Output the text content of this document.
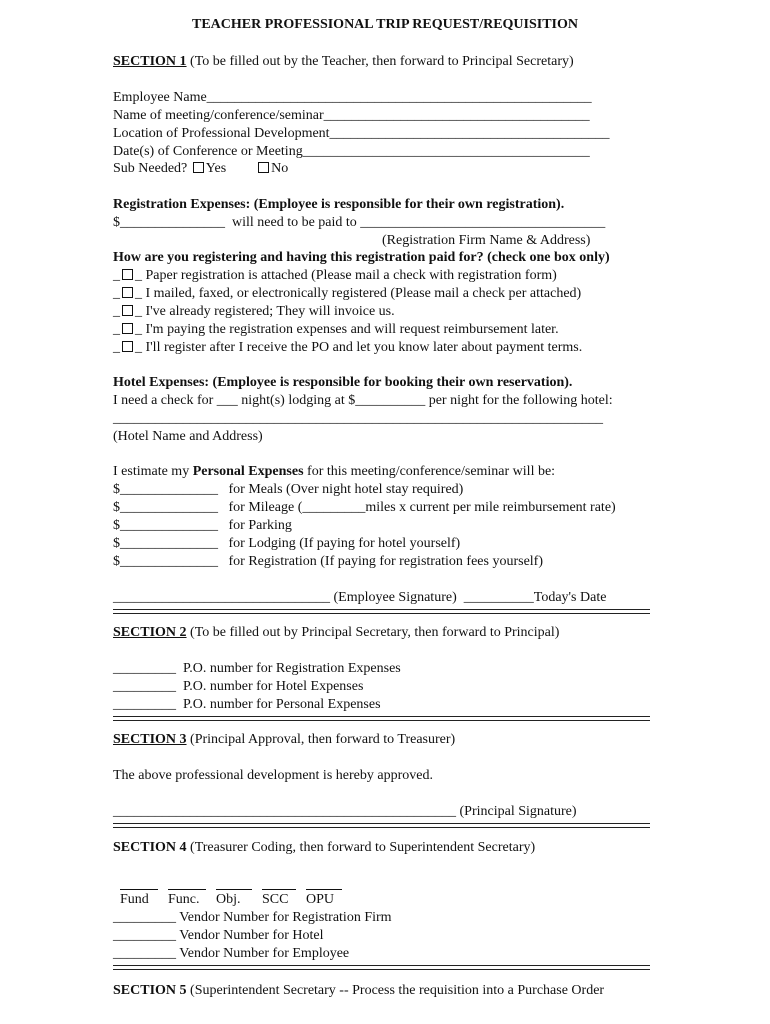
TEACHER PROFESSIONAL TRIP REQUEST/REQUISITION
SECTION 1 (To be filled out by the Teacher, then forward to Principal Secretary)
Employee Name_______________________________________________________
Name of meeting/conference/seminar______________________________________
Location of Professional Development________________________________________
Date(s) of Conference or Meeting_________________________________________
Sub Needed? Yes	No
Registration Expenses: (Employee is responsible for their own registration).
$_______________  will need to be paid to ___________________________________
(Registration Firm Name & Address)
How are you registering and having this registration paid for? (check one box only)
_ _ Paper registration is attached (Please mail a check with registration form)
_ _ I mailed, faxed, or electronically registered (Please mail a check per attached)
_ _ I've already registered; They will invoice us.
_ _ I'm paying the registration expenses and will request reimbursement later.
_ _ I'll register after I receive the PO and let you know later about payment terms.
Hotel Expenses: (Employee is responsible for booking their own reservation).
I need a check for ___ night(s) lodging at $__________ per night for the following hotel:
______________________________________________________________________
(Hotel Name and Address)
I estimate my Personal Expenses for this meeting/conference/seminar will be:
$______________   for Meals (Over night hotel stay required)
$______________   for Mileage (_________miles x current per mile reimbursement rate)
$______________   for Parking
$______________   for Lodging (If paying for hotel yourself)
$______________   for Registration (If paying for registration fees yourself)
_______________________________ (Employee Signature)  __________Today's Date
SECTION 2 (To be filled out by Principal Secretary, then forward to Principal)
_________  P.O. number for Registration Expenses
_________  P.O. number for Hotel Expenses
_________  P.O. number for Personal Expenses
SECTION 3 (Principal Approval, then forward to Treasurer)
The above professional development is hereby approved.
_________________________________________________ (Principal Signature)
SECTION 4 (Treasurer Coding, then forward to Superintendent Secretary)

Fund Func. Obj. SCC OPU

_________ Vendor Number for Registration Firm
_________ Vendor Number for Hotel
_________ Vendor Number for Employee
SECTION 5 (Superintendent Secretary -- Process the requisition into a Purchase Order
